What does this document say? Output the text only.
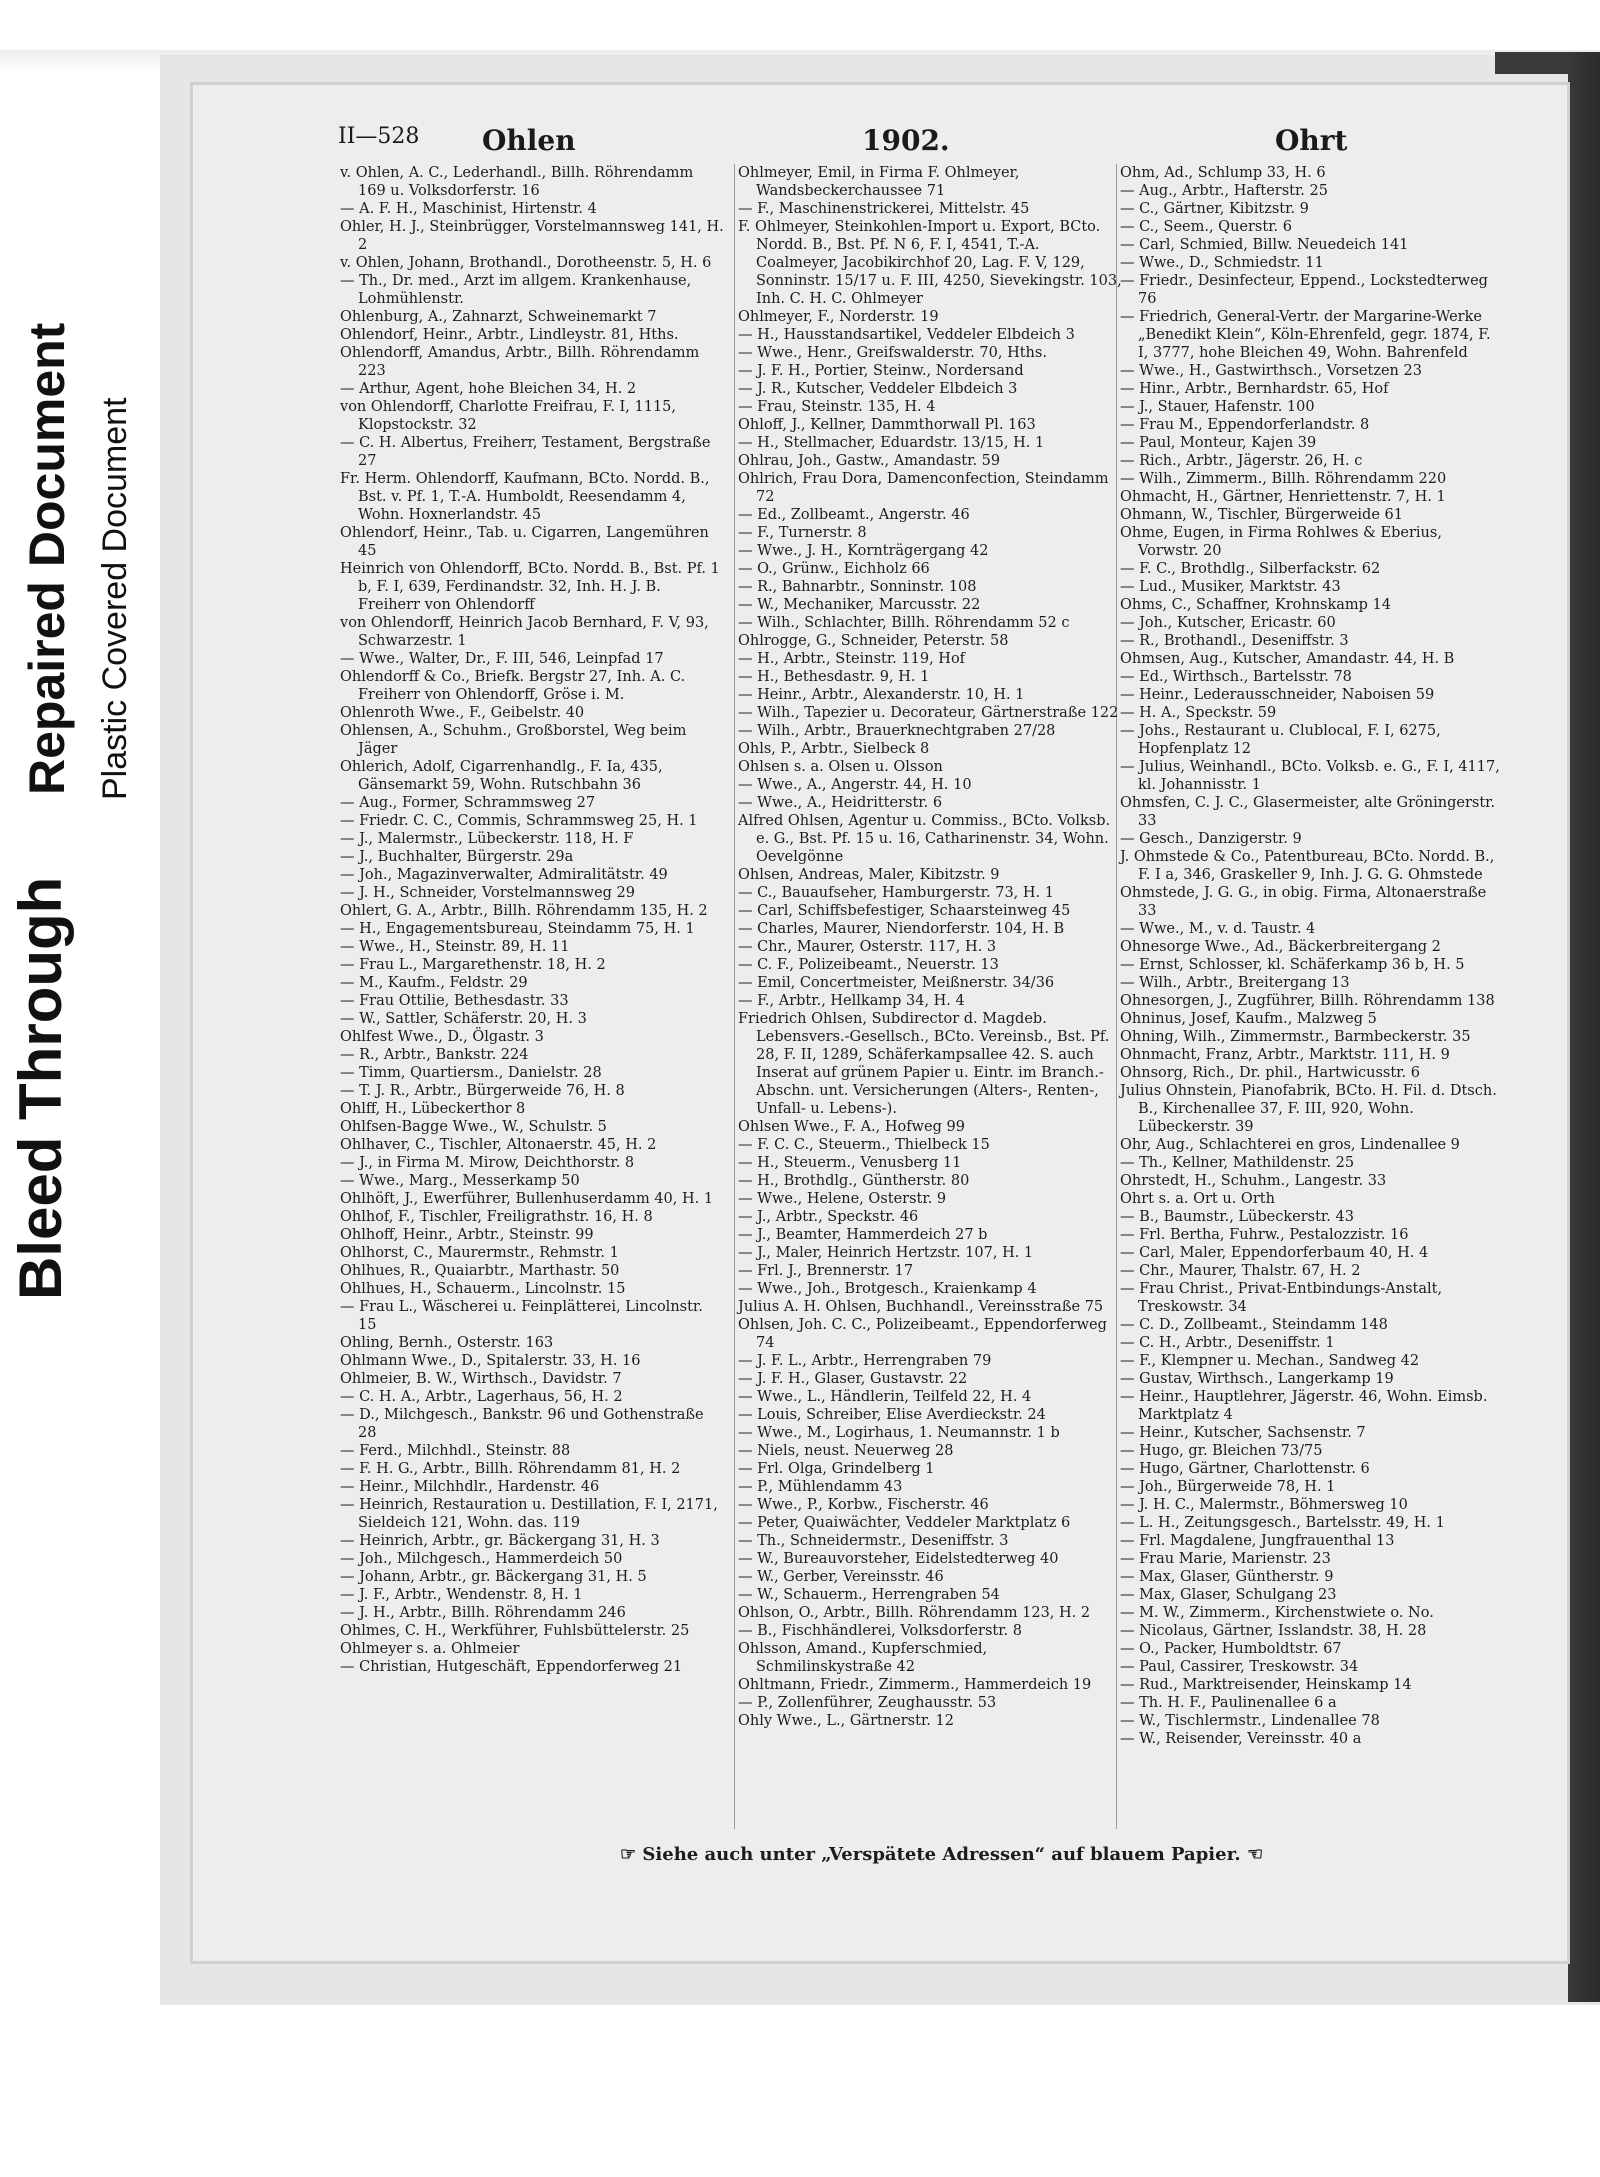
Bleed Through
Repaired Document Plastic Covered Document
II—528 Ohlen	1902.	Ohrt

v. Ohlen, A. C., Lederhandl., Billh. Röhrendamm 169 u. Volksdorferstr. 16

— A. F. H., Maschinist, Hirtenstr. 4

Ohler, H. J., Steinbrügger, Vorstelmannsweg 141, H. 2

v. Ohlen, Johann, Brothandl., Dorotheenstr. 5, H. 6

— Th., Dr. med., Arzt im allgem. Krankenhause, Lohmühlenstr.

Ohlenburg, A., Zahnarzt, Schweinemarkt 7

Ohlendorf, Heinr., Arbtr., Lindleystr. 81, Hths.

Ohlendorff, Amandus, Arbtr., Billh. Röhrendamm 223

— Arthur, Agent, hohe Bleichen 34, H. 2

von Ohlendorff, Charlotte Freifrau, F. I, 1115, Klopstockstr. 32

— C. H. Albertus, Freiherr, Testament, Bergstraße 27

Fr. Herm. Ohlendorff, Kaufmann, BCto. Nordd. B., Bst. v. Pf. 1, T.-A. Humboldt, Reesendamm 4, Wohn. Hoxnerlandstr. 45

Ohlendorf, Heinr., Tab. u. Cigarren, Langemühren 45

Heinrich von Ohlendorff, BCto. Nordd. B., Bst. Pf. 1 b, F. I, 639, Ferdinandstr. 32, Inh. H. J. B. Freiherr von Ohlendorff

von Ohlendorff, Heinrich Jacob Bernhard, F. V, 93, Schwarzestr. 1

— Wwe., Walter, Dr., F. III, 546, Leinpfad 17

Ohlendorff & Co., Briefk. Bergstr 27, Inh. A. C. Freiherr von Ohlendorff, Gröse i. M.

Ohlenroth Wwe., F., Geibelstr. 40

Ohlensen, A., Schuhm., Großborstel, Weg beim Jäger

Ohlerich, Adolf, Cigarrenhandlg., F. Ia, 435, Gänsemarkt 59, Wohn. Rutschbahn 36

— Aug., Former, Schrammsweg 27

— Friedr. C. C., Commis, Schrammsweg 25, H. 1

— J., Malermstr., Lübeckerstr. 118, H. F

— J., Buchhalter, Bürgerstr. 29a

— Joh., Magazinverwalter, Admiralitätstr. 49

— J. H., Schneider, Vorstelmannsweg 29

Ohlert, G. A., Arbtr., Billh. Röhrendamm 135, H. 2

— H., Engagementsbureau, Steindamm 75, H. 1

— Wwe., H., Steinstr. 89, H. 11

— Frau L., Margarethenstr. 18, H. 2

— M., Kaufm., Feldstr. 29

— Frau Ottilie, Bethesdastr. 33

— W., Sattler, Schäferstr. 20, H. 3

Ohlfest Wwe., D., Ölgastr. 3

— R., Arbtr., Bankstr. 224

— Timm, Quartiersm., Danielstr. 28

— T. J. R., Arbtr., Bürgerweide 76, H. 8

Ohlff, H., Lübeckerthor 8

Ohlfsen-Bagge Wwe., W., Schulstr. 5

Ohlhaver, C., Tischler, Altonaerstr. 45, H. 2

— J., in Firma M. Mirow, Deichthorstr. 8

— Wwe., Marg., Messerkamp 50

Ohlhöft, J., Ewerführer, Bullenhuserdamm 40, H. 1

Ohlhof, F., Tischler, Freiligrathstr. 16, H. 8

Ohlhoff, Heinr., Arbtr., Steinstr. 99

Ohlhorst, C., Maurermstr., Rehmstr. 1

Ohlhues, R., Quaiarbtr., Marthastr. 50

Ohlhues, H., Schauerm., Lincolnstr. 15

— Frau L., Wäscherei u. Feinplätterei, Lincolnstr. 15

Ohling, Bernh., Osterstr. 163

Ohlmann Wwe., D., Spitalerstr. 33, H. 16

Ohlmeier, B. W., Wirthsch., Davidstr. 7

— C. H. A., Arbtr., Lagerhaus, 56, H. 2

— D., Milchgesch., Bankstr. 96 und Gothenstraße 28

— Ferd., Milchhdl., Steinstr. 88

— F. H. G., Arbtr., Billh. Röhrendamm 81, H. 2

— Heinr., Milchhdlr., Hardenstr. 46

— Heinrich, Restauration u. Destillation, F. I, 2171, Sieldeich 121, Wohn. das. 119

— Heinrich, Arbtr., gr. Bäckergang 31, H. 3

— Joh., Milchgesch., Hammerdeich 50

— Johann, Arbtr., gr. Bäckergang 31, H. 5

— J. F., Arbtr., Wendenstr. 8, H. 1

— J. H., Arbtr., Billh. Röhrendamm 246

Ohlmes, C. H., Werkführer, Fuhlsbüttelerstr. 25

Ohlmeyer s. a. Ohlmeier

— Christian, Hutgeschäft, Eppendorferweg 21

Ohlmeyer, Emil, in Firma F. Ohlmeyer, Wandsbeckerchaussee 71

— F., Maschinenstrickerei, Mittelstr. 45

F. Ohlmeyer, Steinkohlen-Import u. Export, BCto. Nordd. B., Bst. Pf. N 6, F. I, 4541, T.-A. Coalmeyer, Jacobikirchhof 20, Lag. F. V, 129, Sonninstr. 15/17 u. F. III, 4250, Sievekingstr. 103, Inh. C. H. C. Ohlmeyer

Ohlmeyer, F., Norderstr. 19

— H., Hausstandsartikel, Veddeler Elbdeich 3

— Wwe., Henr., Greifswalderstr. 70, Hths.

— J. F. H., Portier, Steinw., Nordersand

— J. R., Kutscher, Veddeler Elbdeich 3

— Frau, Steinstr. 135, H. 4

Ohloff, J., Kellner, Dammthorwall Pl. 163

— H., Stellmacher, Eduardstr. 13/15, H. 1

Ohlrau, Joh., Gastw., Amandastr. 59

Ohlrich, Frau Dora, Damenconfection, Steindamm 72

— Ed., Zollbeamt., Angerstr. 46

— F., Turnerstr. 8

— Wwe., J. H., Kornträgergang 42

— O., Grünw., Eichholz 66

— R., Bahnarbtr., Sonninstr. 108

— W., Mechaniker, Marcusstr. 22

— Wilh., Schlachter, Billh. Röhrendamm 52 c

Ohlrogge, G., Schneider, Peterstr. 58

— H., Arbtr., Steinstr. 119, Hof

— H., Bethesdastr. 9, H. 1

— Heinr., Arbtr., Alexanderstr. 10, H. 1

— Wilh., Tapezier u. Decorateur, Gärtnerstraße 122

— Wilh., Arbtr., Brauerknechtgraben 27/28

Ohls, P., Arbtr., Sielbeck 8

Ohlsen s. a. Olsen u. Olsson

— Wwe., A., Angerstr. 44, H. 10

— Wwe., A., Heidritterstr. 6

Alfred Ohlsen, Agentur u. Commiss., BCto. Volksb. e. G., Bst. Pf. 15 u. 16, Catharinenstr. 34, Wohn. Oevelgönne

Ohlsen, Andreas, Maler, Kibitzstr. 9

— C., Bauaufseher, Hamburgerstr. 73, H. 1

— Carl, Schiffsbefestiger, Schaarsteinweg 45

— Charles, Maurer, Niendorferstr. 104, H. B

— Chr., Maurer, Osterstr. 117, H. 3

— C. F., Polizeibeamt., Neuerstr. 13

— Emil, Concertmeister, Meißnerstr. 34/36

— F., Arbtr., Hellkamp 34, H. 4

Friedrich Ohlsen, Subdirector d. Magdeb. Lebensvers.-Gesellsch., BCto. Vereinsb., Bst. Pf. 28, F. II, 1289, Schäferkampsallee 42. S. auch Inserat auf grünem Papier u. Eintr. im Branch.-Abschn. unt. Versicherungen (Alters-, Renten-, Unfall- u. Lebens-).

Ohlsen Wwe., F. A., Hofweg 99

— F. C. C., Steuerm., Thielbeck 15

— H., Steuerm., Venusberg 11

— H., Brothdlg., Güntherstr. 80

— Wwe., Helene, Osterstr. 9

— J., Arbtr., Speckstr. 46

— J., Beamter, Hammerdeich 27 b

— J., Maler, Heinrich Hertzstr. 107, H. 1

— Frl. J., Brennerstr. 17

— Wwe., Joh., Brotgesch., Kraienkamp 4

Julius A. H. Ohlsen, Buchhandl., Vereinsstraße 75

Ohlsen, Joh. C. C., Polizeibeamt., Eppendorferweg 74

— J. F. L., Arbtr., Herrengraben 79

— J. F. H., Glaser, Gustavstr. 22

— Wwe., L., Händlerin, Teilfeld 22, H. 4

— Louis, Schreiber, Elise Averdieckstr. 24

— Wwe., M., Logirhaus, 1. Neumannstr. 1 b

— Niels, neust. Neuerweg 28

— Frl. Olga, Grindelberg 1

— P., Mühlendamm 43

— Wwe., P., Korbw., Fischerstr. 46

— Peter, Quaiwächter, Veddeler Marktplatz 6

— Th., Schneidermstr., Deseniffstr. 3

— W., Bureauvorsteher, Eidelstedterweg 40

— W., Gerber, Vereinsstr. 46

— W., Schauerm., Herrengraben 54

Ohlson, O., Arbtr., Billh. Röhrendamm 123, H. 2

— B., Fischhändlerei, Volksdorferstr. 8

Ohlsson, Amand., Kupferschmied, Schmilinskystraße 42

Ohltmann, Friedr., Zimmerm., Hammerdeich 19

— P., Zollenführer, Zeughausstr. 53

Ohly Wwe., L., Gärtnerstr. 12

Ohm, Ad., Schlump 33, H. 6

— Aug., Arbtr., Hafterstr. 25

— C., Gärtner, Kibitzstr. 9

— C., Seem., Querstr. 6

— Carl, Schmied, Billw. Neuedeich 141

— Wwe., D., Schmiedstr. 11

— Friedr., Desinfecteur, Eppend., Lockstedterweg 76

— Friedrich, General-Vertr. der Margarine-Werke „Benedikt Klein“, Köln-Ehrenfeld, gegr. 1874, F. I, 3777, hohe Bleichen 49, Wohn. Bahrenfeld

— Wwe., H., Gastwirthsch., Vorsetzen 23

— Hinr., Arbtr., Bernhardstr. 65, Hof

— J., Stauer, Hafenstr. 100

— Frau M., Eppendorferlandstr. 8

— Paul, Monteur, Kajen 39

— Rich., Arbtr., Jägerstr. 26, H. c

— Wilh., Zimmerm., Billh. Röhrendamm 220

Ohmacht, H., Gärtner, Henriettenstr. 7, H. 1

Ohmann, W., Tischler, Bürgerweide 61

Ohme, Eugen, in Firma Rohlwes & Eberius, Vorwstr. 20

— F. C., Brothdlg., Silberfackstr. 62

— Lud., Musiker, Marktstr. 43

Ohms, C., Schaffner, Krohnskamp 14

— Joh., Kutscher, Ericastr. 60

— R., Brothandl., Deseniffstr. 3

Ohmsen, Aug., Kutscher, Amandastr. 44, H. B

— Ed., Wirthsch., Bartelsstr. 78

— Heinr., Lederausschneider, Naboisen 59

— H. A., Speckstr. 59

— Johs., Restaurant u. Clublocal, F. I, 6275, Hopfenplatz 12

— Julius, Weinhandl., BCto. Volksb. e. G., F. I, 4117, kl. Johannisstr. 1

Ohmsfen, C. J. C., Glasermeister, alte Gröningerstr. 33

— Gesch., Danzigerstr. 9

J. Ohmstede & Co., Patentbureau, BCto. Nordd. B., F. I a, 346, Graskeller 9, Inh. J. G. G. Ohmstede

Ohmstede, J. G. G., in obig. Firma, Altonaerstraße 33

— Wwe., M., v. d. Taustr. 4

Ohnesorge Wwe., Ad., Bäckerbreitergang 2

— Ernst, Schlosser, kl. Schäferkamp 36 b, H. 5

— Wilh., Arbtr., Breitergang 13

Ohnesorgen, J., Zugführer, Billh. Röhrendamm 138

Ohninus, Josef, Kaufm., Malzweg 5

Ohning, Wilh., Zimmermstr., Barmbeckerstr. 35

Ohnmacht, Franz, Arbtr., Marktstr. 111, H. 9

Ohnsorg, Rich., Dr. phil., Hartwicusstr. 6

Julius Ohnstein, Pianofabrik, BCto. H. Fil. d. Dtsch. B., Kirchenallee 37, F. III, 920, Wohn. Lübeckerstr. 39

Ohr, Aug., Schlachterei en gros, Lindenallee 9

— Th., Kellner, Mathildenstr. 25

Ohrstedt, H., Schuhm., Langestr. 33

Ohrt s. a. Ort u. Orth

— B., Baumstr., Lübeckerstr. 43

— Frl. Bertha, Fuhrw., Pestalozzistr. 16

— Carl, Maler, Eppendorferbaum 40, H. 4

— Chr., Maurer, Thalstr. 67, H. 2

— Frau Christ., Privat-Entbindungs-Anstalt, Treskowstr. 34

— C. D., Zollbeamt., Steindamm 148

— C. H., Arbtr., Deseniffstr. 1

— F., Klempner u. Mechan., Sandweg 42

— Gustav, Wirthsch., Langerkamp 19

— Heinr., Hauptlehrer, Jägerstr. 46, Wohn. Eimsb. Marktplatz 4

— Heinr., Kutscher, Sachsenstr. 7

— Hugo, gr. Bleichen 73/75

— Hugo, Gärtner, Charlottenstr. 6

— Joh., Bürgerweide 78, H. 1

— J. H. C., Malermstr., Böhmersweg 10

— L. H., Zeitungsgesch., Bartelsstr. 49, H. 1

— Frl. Magdalene, Jungfrauenthal 13

— Frau Marie, Marienstr. 23

— Max, Glaser, Güntherstr. 9

— Max, Glaser, Schulgang 23

— M. W., Zimmerm., Kirchenstwiete o. No.

— Nicolaus, Gärtner, Isslandstr. 38, H. 28

— O., Packer, Humboldtstr. 67

— Paul, Cassirer, Treskowstr. 34

— Rud., Marktreisender, Heinskamp 14

— Th. H. F., Paulinenallee 6 a

— W., Tischlermstr., Lindenallee 78

— W., Reisender, Vereinsstr. 40 a

☞ Siehe auch unter „Verspätete Adressen“ auf blauem Papier. ☜
